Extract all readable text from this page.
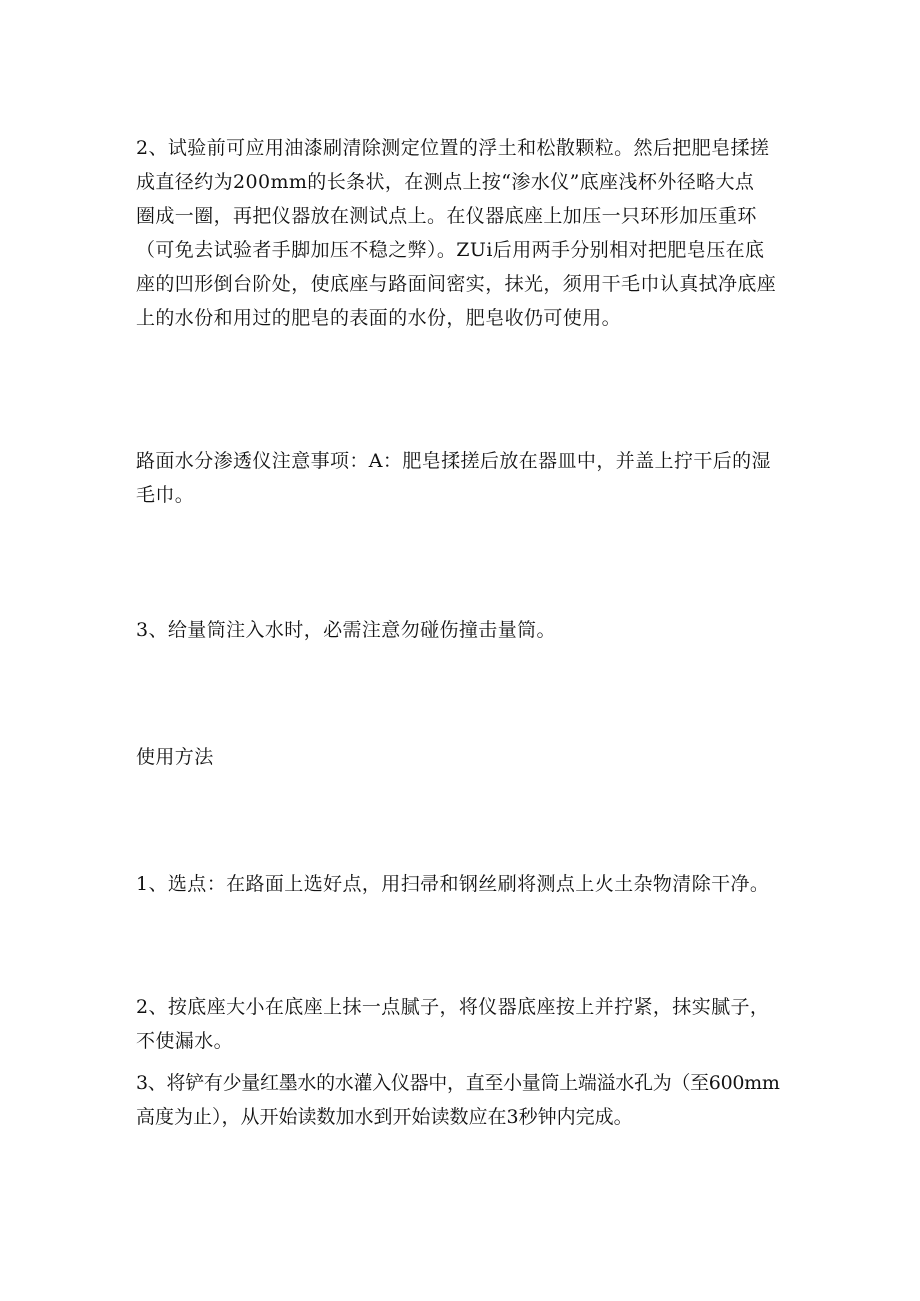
2、试验前可应用油漆刷清除测定位置的浮土和松散颗粒。然后把肥皂揉搓
成直径约为200mm的长条状，在测点上按“渗水仪”底座浅杯外径略大点
圈成一圈，再把仪器放在测试点上。在仪器底座上加压一只环形加压重环
（可免去试验者手脚加压不稳之弊）。ZUi后用两手分别相对把肥皂压在底
座的凹形倒台阶处，使底座与路面间密实，抹光，须用干毛巾认真拭净底座
上的水份和用过的肥皂的表面的水份，肥皂收仍可使用。

路面水分渗透仪注意事项：A：肥皂揉搓后放在器皿中，并盖上拧干后的湿
毛巾。

3、给量筒注入水时，必需注意勿碰伤撞击量筒。

使用方法

1、选点：在路面上选好点，用扫帚和钢丝刷将测点上火土杂物清除干净。

2、按底座大小在底座上抹一点腻子，将仪器底座按上并拧紧，抹实腻子，
不使漏水。

3、将铲有少量红墨水的水灌入仪器中，直至小量筒上端溢水孔为（至600mm
高度为止），从开始读数加水到开始读数应在3秒钟内完成。
